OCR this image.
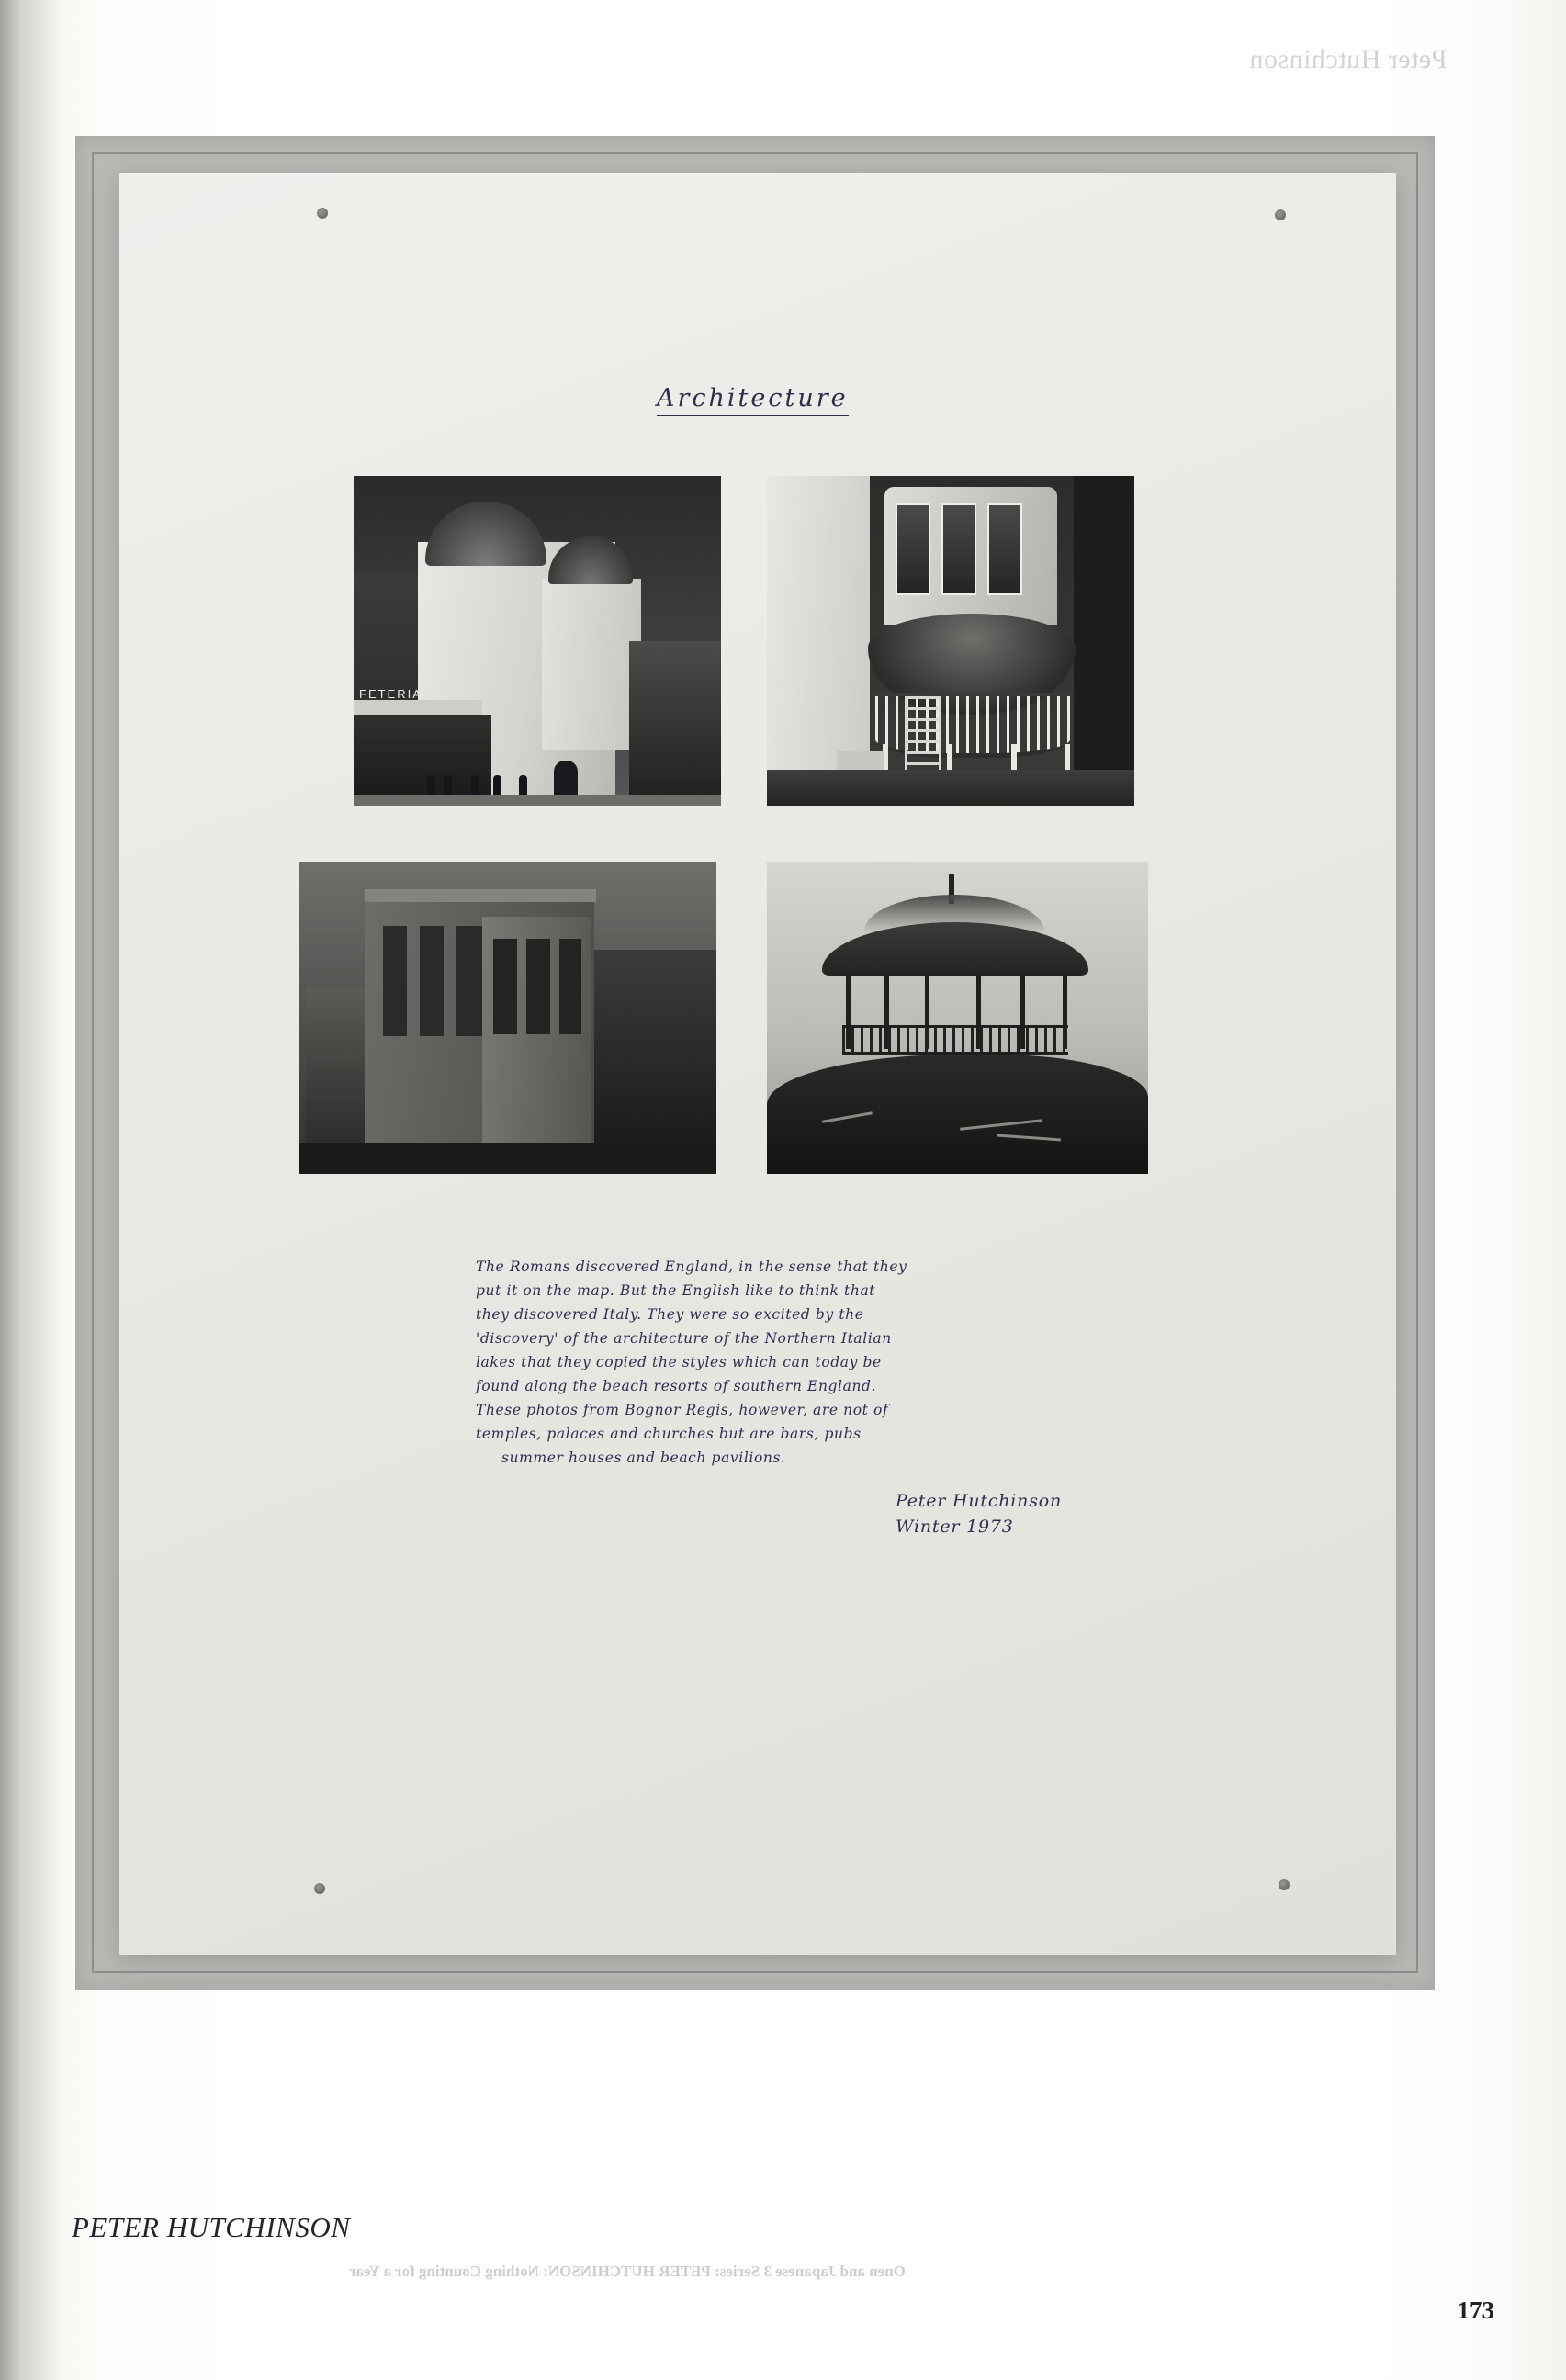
Peter Hutchinson
Architecture
FETERIA
The Romans discovered England, in the sense that they
put it on the map. But the English like to think that
they discovered Italy. They were so excited by the
'discovery' of the architecture of the Northern Italian
lakes that they copied the styles which can today be
found along the beach resorts of southern England.
These photos from Bognor Regis, however, are not of
temples, palaces and churches but are bars, pubs
summer houses and beach pavilions.
Peter Hutchinson
Winter 1973
Onen and Japanese 3 Series: PETER HUTCHINSON: Nothing Counting for a Year
PETER HUTCHINSON
173
